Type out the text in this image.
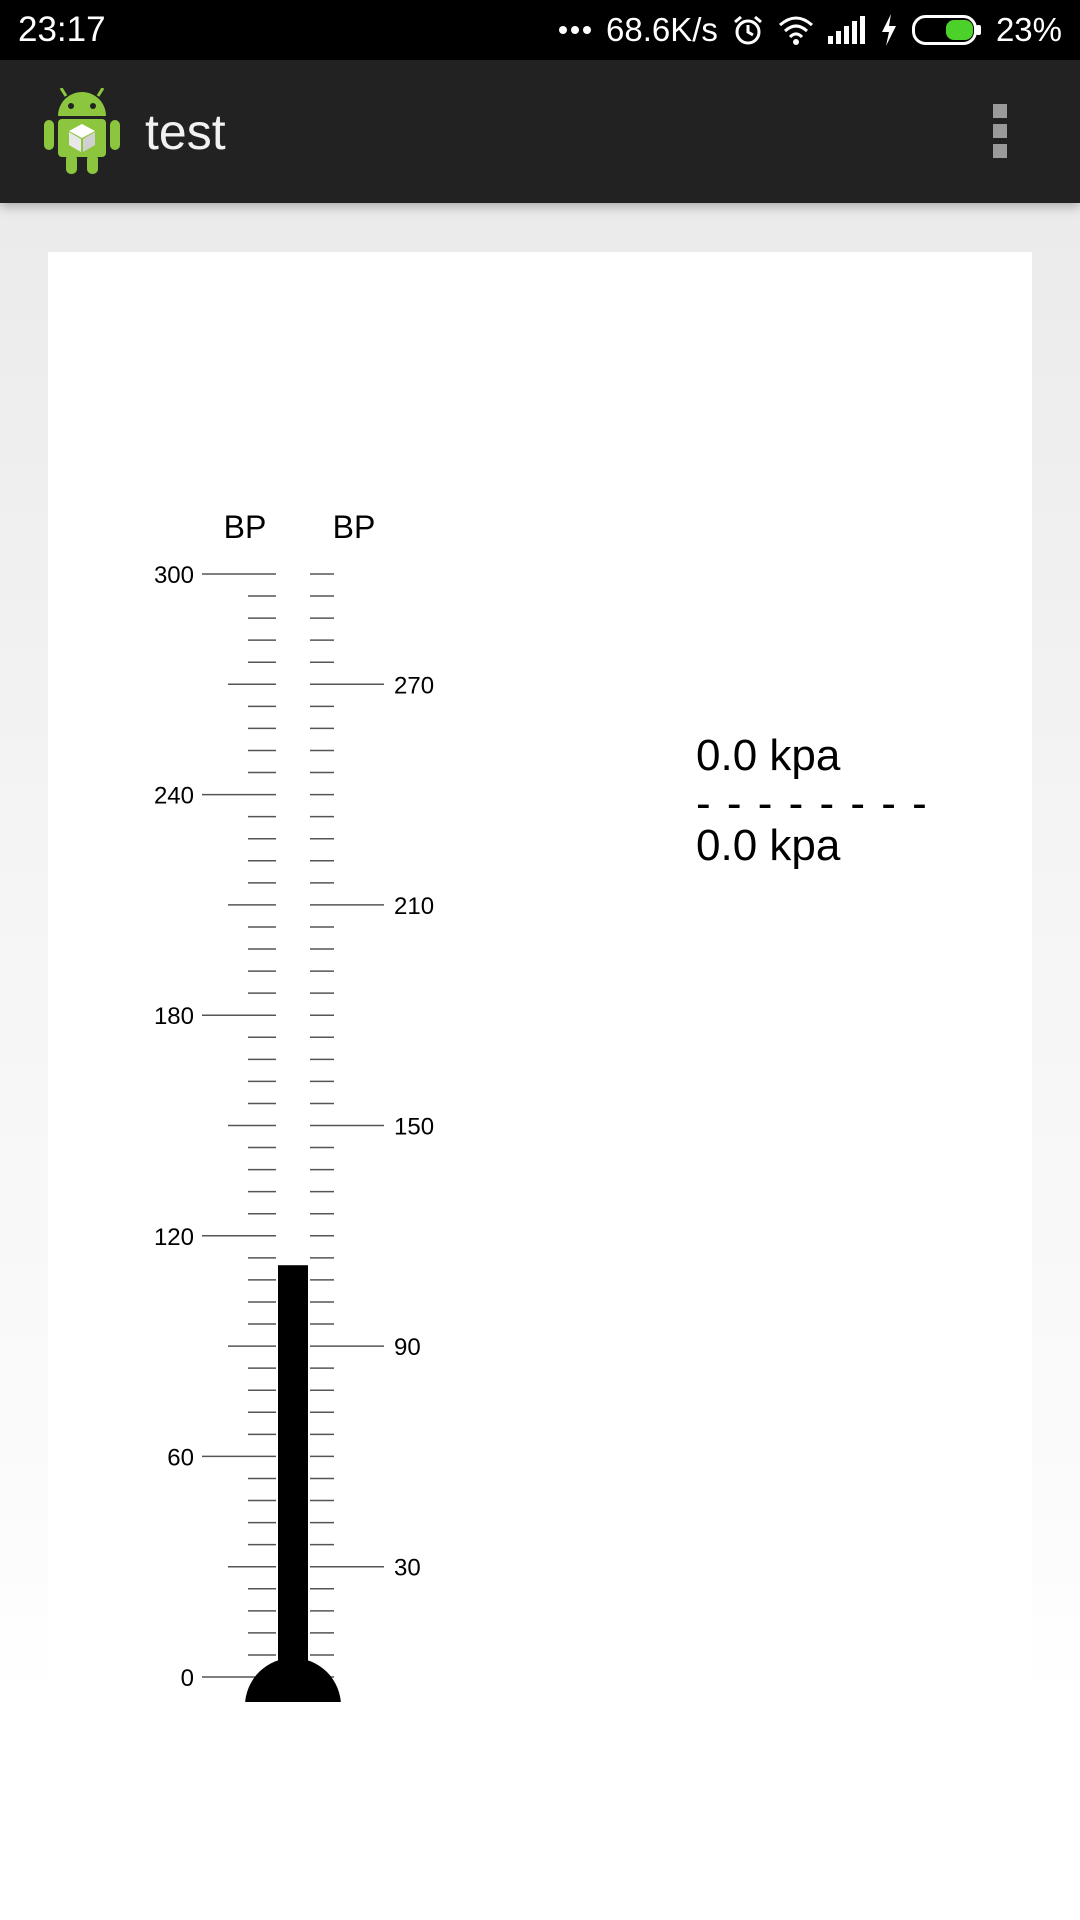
23:17	68.6K/s	23%
test
BP BP
0
60
120
180
240
300
30
90
150
210
270
0.0 kpa
- - - - - - - -
0.0 kpa
